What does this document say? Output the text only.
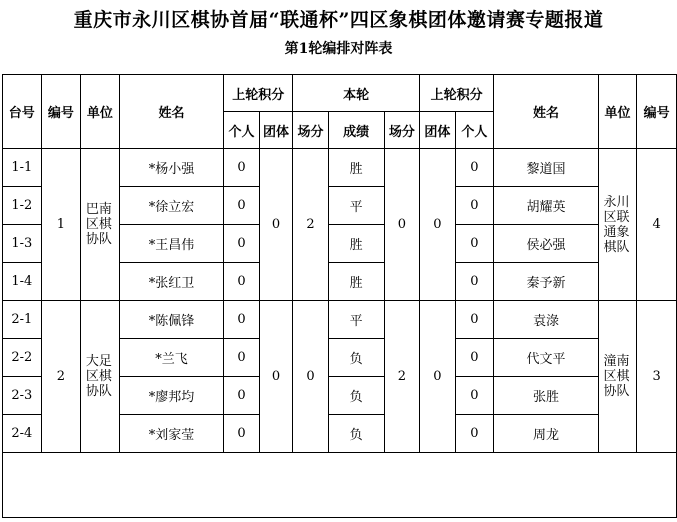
重庆市永川区棋协首届“联通杯”四区象棋团体邀请赛专题报道
第1轮编排对阵表
台号	编号	单位	姓名	上轮积分		本轮			上轮积分		姓名	单位	编号
				个人	团体	场分	成绩	场分	团体	个人			
1-1	1	巴南区棋协队	*杨小强	0	0	2	胜	0	0	0	黎道国	永川区联通象棋队	4
1-2			*徐立宏	0			平			0	胡耀英		
1-3			*王昌伟	0			胜			0	侯必强		
1-4			*张红卫	0			胜			0	秦予新		
2-1	2	大足区棋协队	*陈佩锋	0	0	0	平	2	0	0	袁淥	潼南区棋协队	3
2-2			*兰飞	0			负			0	代文平		
2-3			*廖邦均	0			负			0	张胜		
2-4			*刘家莹	0			负			0	周龙		
